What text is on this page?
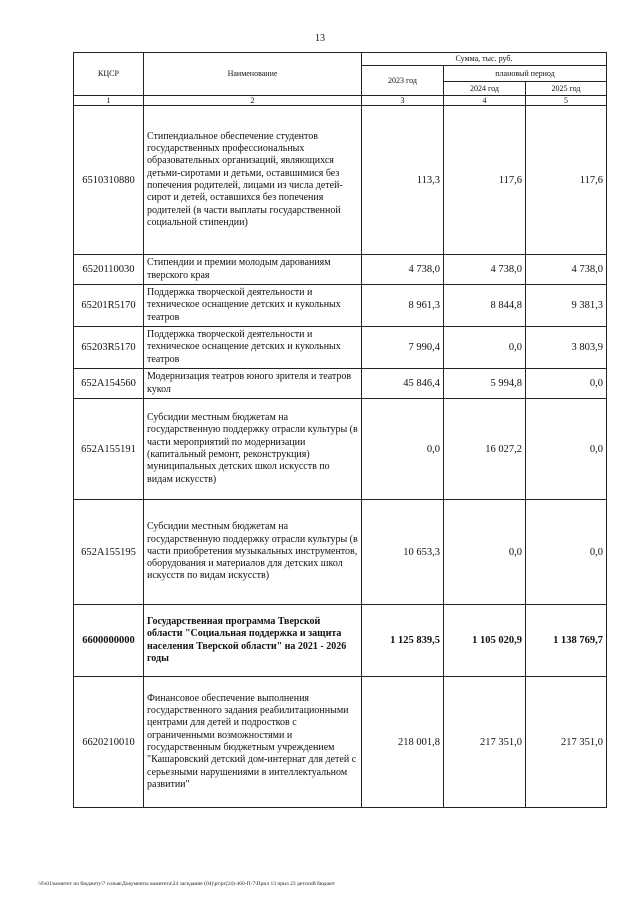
13
КЦСР	Наименование	Сумма, тыс. руб.		
		2023 год	плановый период	
			2024 год	2025 год
1	2	3	4	5
6510310880	Стипендиальное обеспечение студентов государственных профессиональных образовательных организаций, являющихся детьми-сиротами и детьми, оставшимися без попечения родителей, лицами из числа детей-сирот и детей, оставшихся без попечения родителей (в части выплаты государственной социальной стипендии)	113,3	117,6	117,6
6520110030	Стипендии и премии молодым дарованиям тверского края	4 738,0	4 738,0	4 738,0
65201R5170	Поддержка творческой деятельности и техническое оснащение детских и кукольных театров	8 961,3	8 844,8	9 381,3
65203R5170	Поддержка творческой деятельности и техническое оснащение детских и кукольных театров	7 990,4	0,0	3 803,9
652A154560	Модернизация театров юного зрителя и театров кукол	45 846,4	5 994,8	0,0
652A155191	Субсидии местным бюджетам на государственную поддержку отрасли культуры (в части мероприятий по модернизации (капитальный ремонт, реконструкция) муниципальных детских школ искусств по видам искусств)	0,0	16 027,2	0,0
652A155195	Субсидии местным бюджетам на государственную поддержку отрасли культуры (в части приобретения музыкальных инструментов, оборудования и материалов для детских школ искусств по видам искусств)	10 653,3	0,0	0,0
6600000000	Государственная программа Тверской области "Социальная поддержка и защита населения Тверской области" на 2021 - 2026 годы	1 125 839,5	1 105 020,9	1 138 769,7
6620210010	Финансовое обеспечение выполнения государственного задания реабилитационными центрами для детей и подростков с ограниченными возможностями и государственным бюджетным учреждением "Кашаровский детский дом-интернат для детей с серьезными нарушениями в интеллектуальном развитии"	218 001,8	217 351,0	217 351,0
\\Fs01\комитет по бюджету\7 созыв\Документы комитета\24 заседание (04)\pr\pr(24)-460-П-7\Прил 13 прил 23 детский бюджет
